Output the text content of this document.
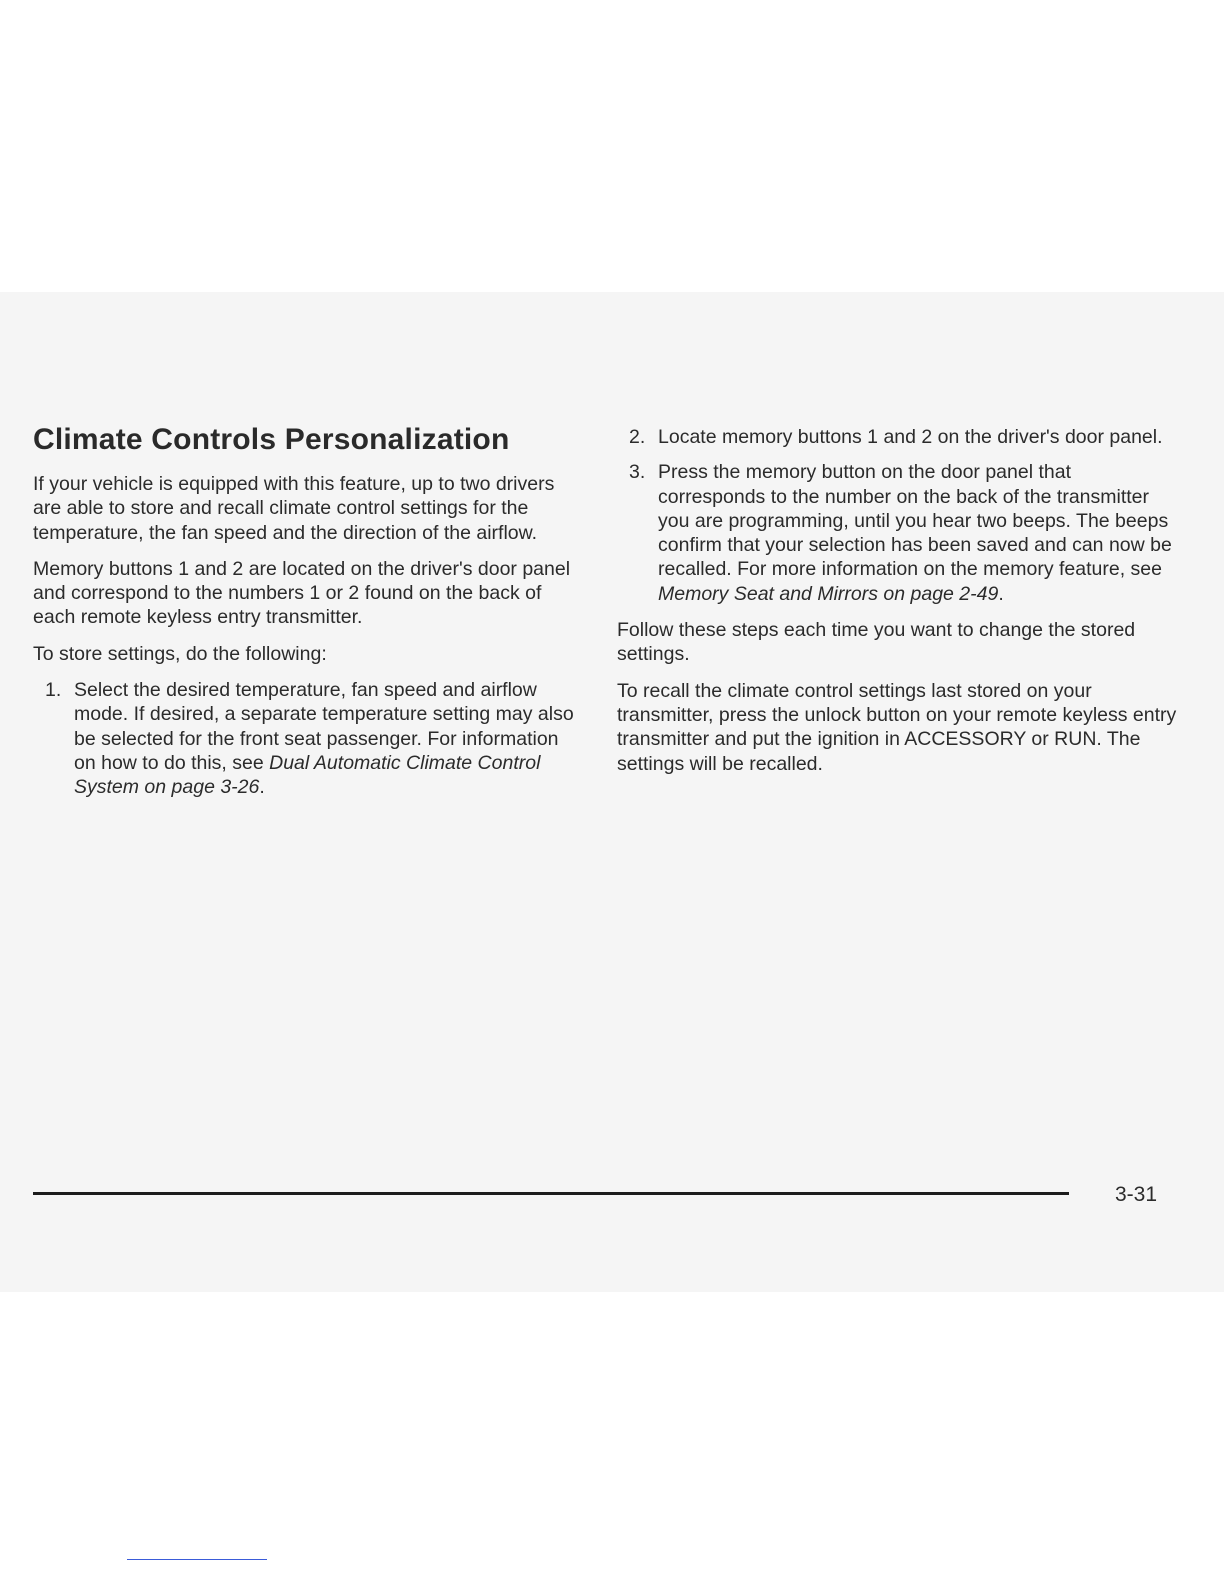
Climate Controls Personalization

If your vehicle is equipped with this feature, up to two drivers are able to store and recall climate control settings for the temperature, the fan speed and the direction of the airflow.

Memory buttons 1 and 2 are located on the driver's door panel and correspond to the numbers 1 or 2 found on the back of each remote keyless entry transmitter.

To store settings, do the following:

1. Select the desired temperature, fan speed and airflow mode. If desired, a separate temperature setting may also be selected for the front seat passenger. For information on how to do this, see Dual Automatic Climate Control System on page 3-26.
2. Locate memory buttons 1 and 2 on the driver's door panel.
3. Press the memory button on the door panel that corresponds to the number on the back of the transmitter you are programming, until you hear two beeps. The beeps confirm that your selection has been saved and can now be recalled. For more information on the memory feature, see Memory Seat and Mirrors on page 2-49.

Follow these steps each time you want to change the stored settings.

To recall the climate control settings last stored on your transmitter, press the unlock button on your remote keyless entry transmitter and put the ignition in ACCESSORY or RUN. The settings will be recalled.

3-31
